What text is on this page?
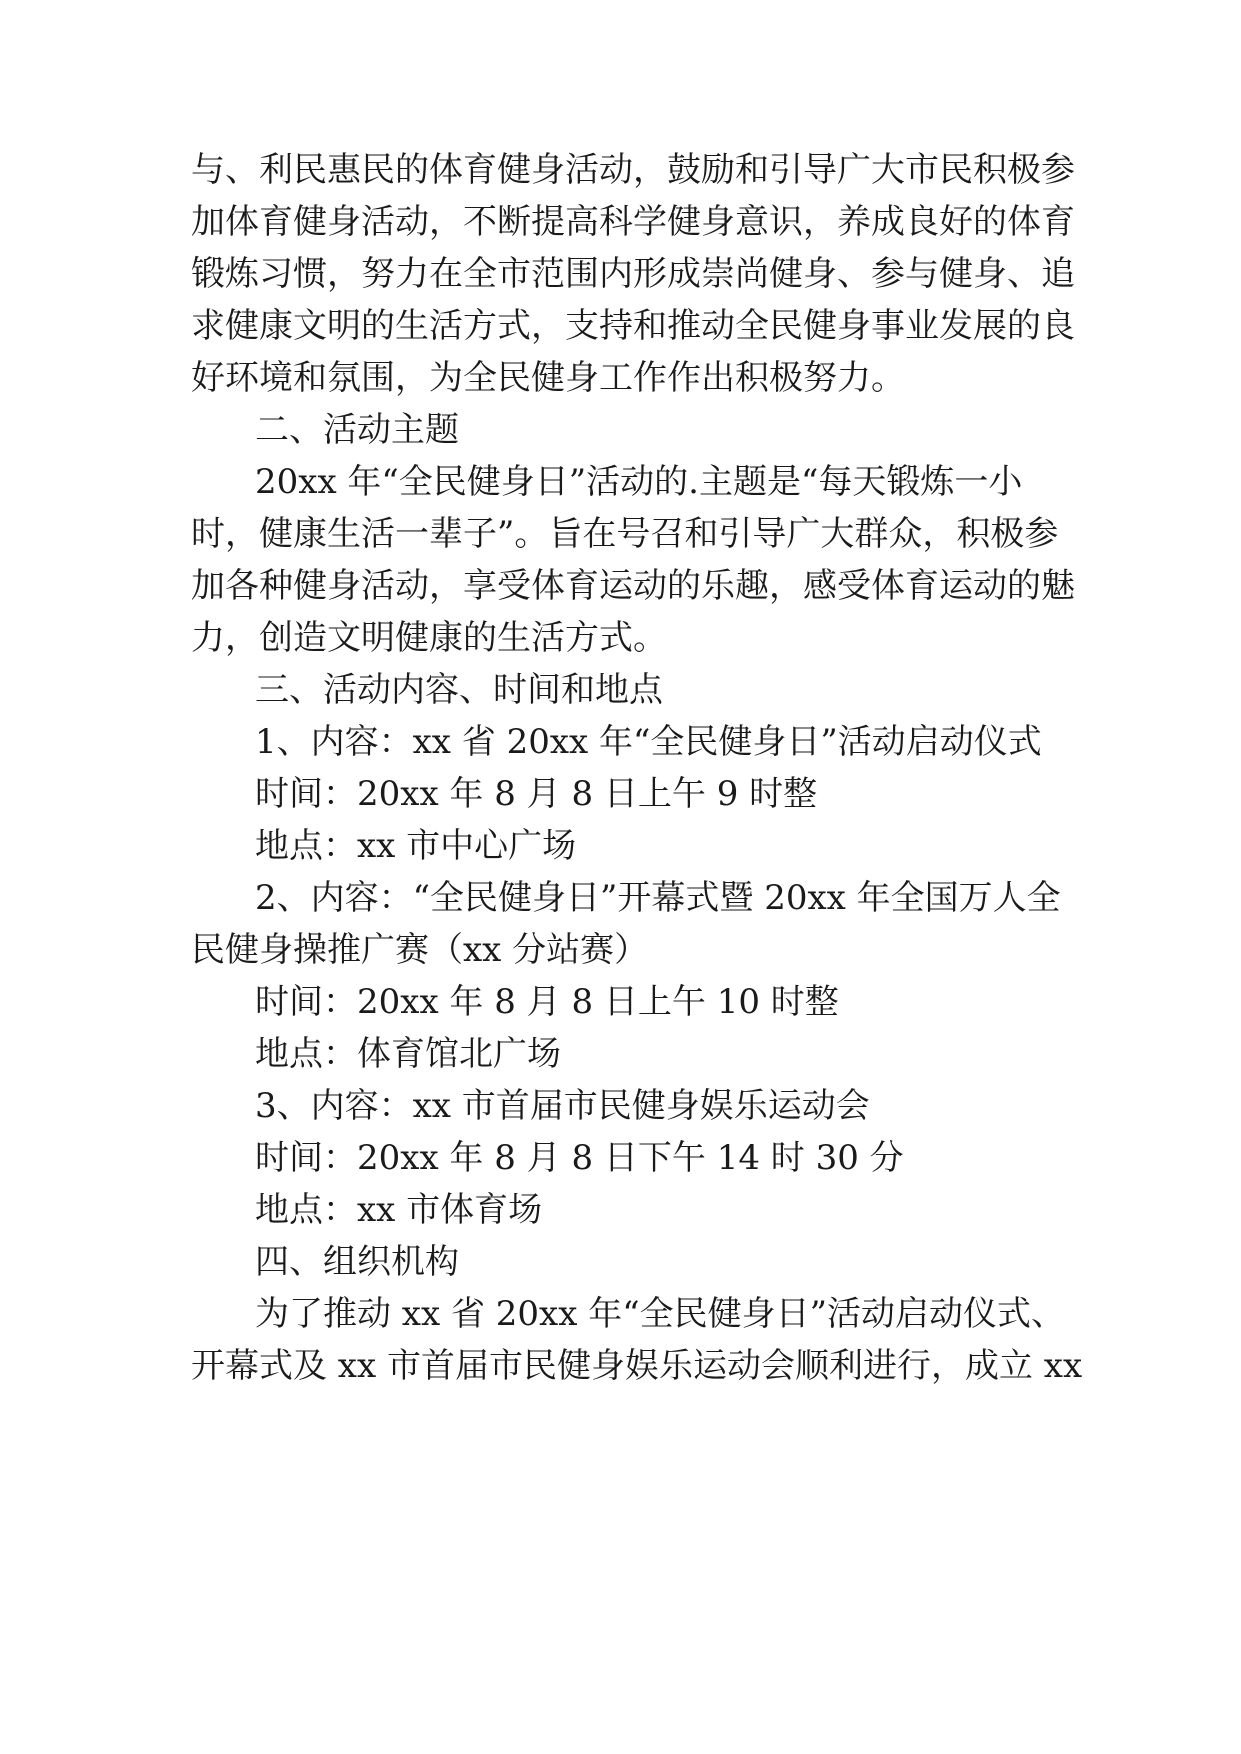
与、利民惠民的体育健身活动，鼓励和引导广大市民积极参
加体育健身活动，不断提高科学健身意识，养成良好的体育
锻炼习惯，努力在全市范围内形成崇尚健身、参与健身、追
求健康文明的生活方式，支持和推动全民健身事业发展的良
好环境和氛围，为全民健身工作作出积极努力。
二、活动主题
20xx 年“全民健身日”活动的.主题是“每天锻炼一小
时，健康生活一辈子”。旨在号召和引导广大群众，积极参
加各种健身活动，享受体育运动的乐趣，感受体育运动的魅
力，创造文明健康的生活方式。
三、活动内容、时间和地点
1、内容：xx 省 20xx 年“全民健身日”活动启动仪式
时间：20xx 年 8 月 8 日上午 9 时整
地点：xx 市中心广场
2、内容：“全民健身日”开幕式暨 20xx 年全国万人全
民健身操推广赛（xx 分站赛）
时间：20xx 年 8 月 8 日上午 10 时整
地点：体育馆北广场
3、内容：xx 市首届市民健身娱乐运动会
时间：20xx 年 8 月 8 日下午 14 时 30 分
地点：xx 市体育场
四、组织机构
为了推动 xx 省 20xx 年“全民健身日”活动启动仪式、
开幕式及 xx 市首届市民健身娱乐运动会顺利进行，成立 xx
